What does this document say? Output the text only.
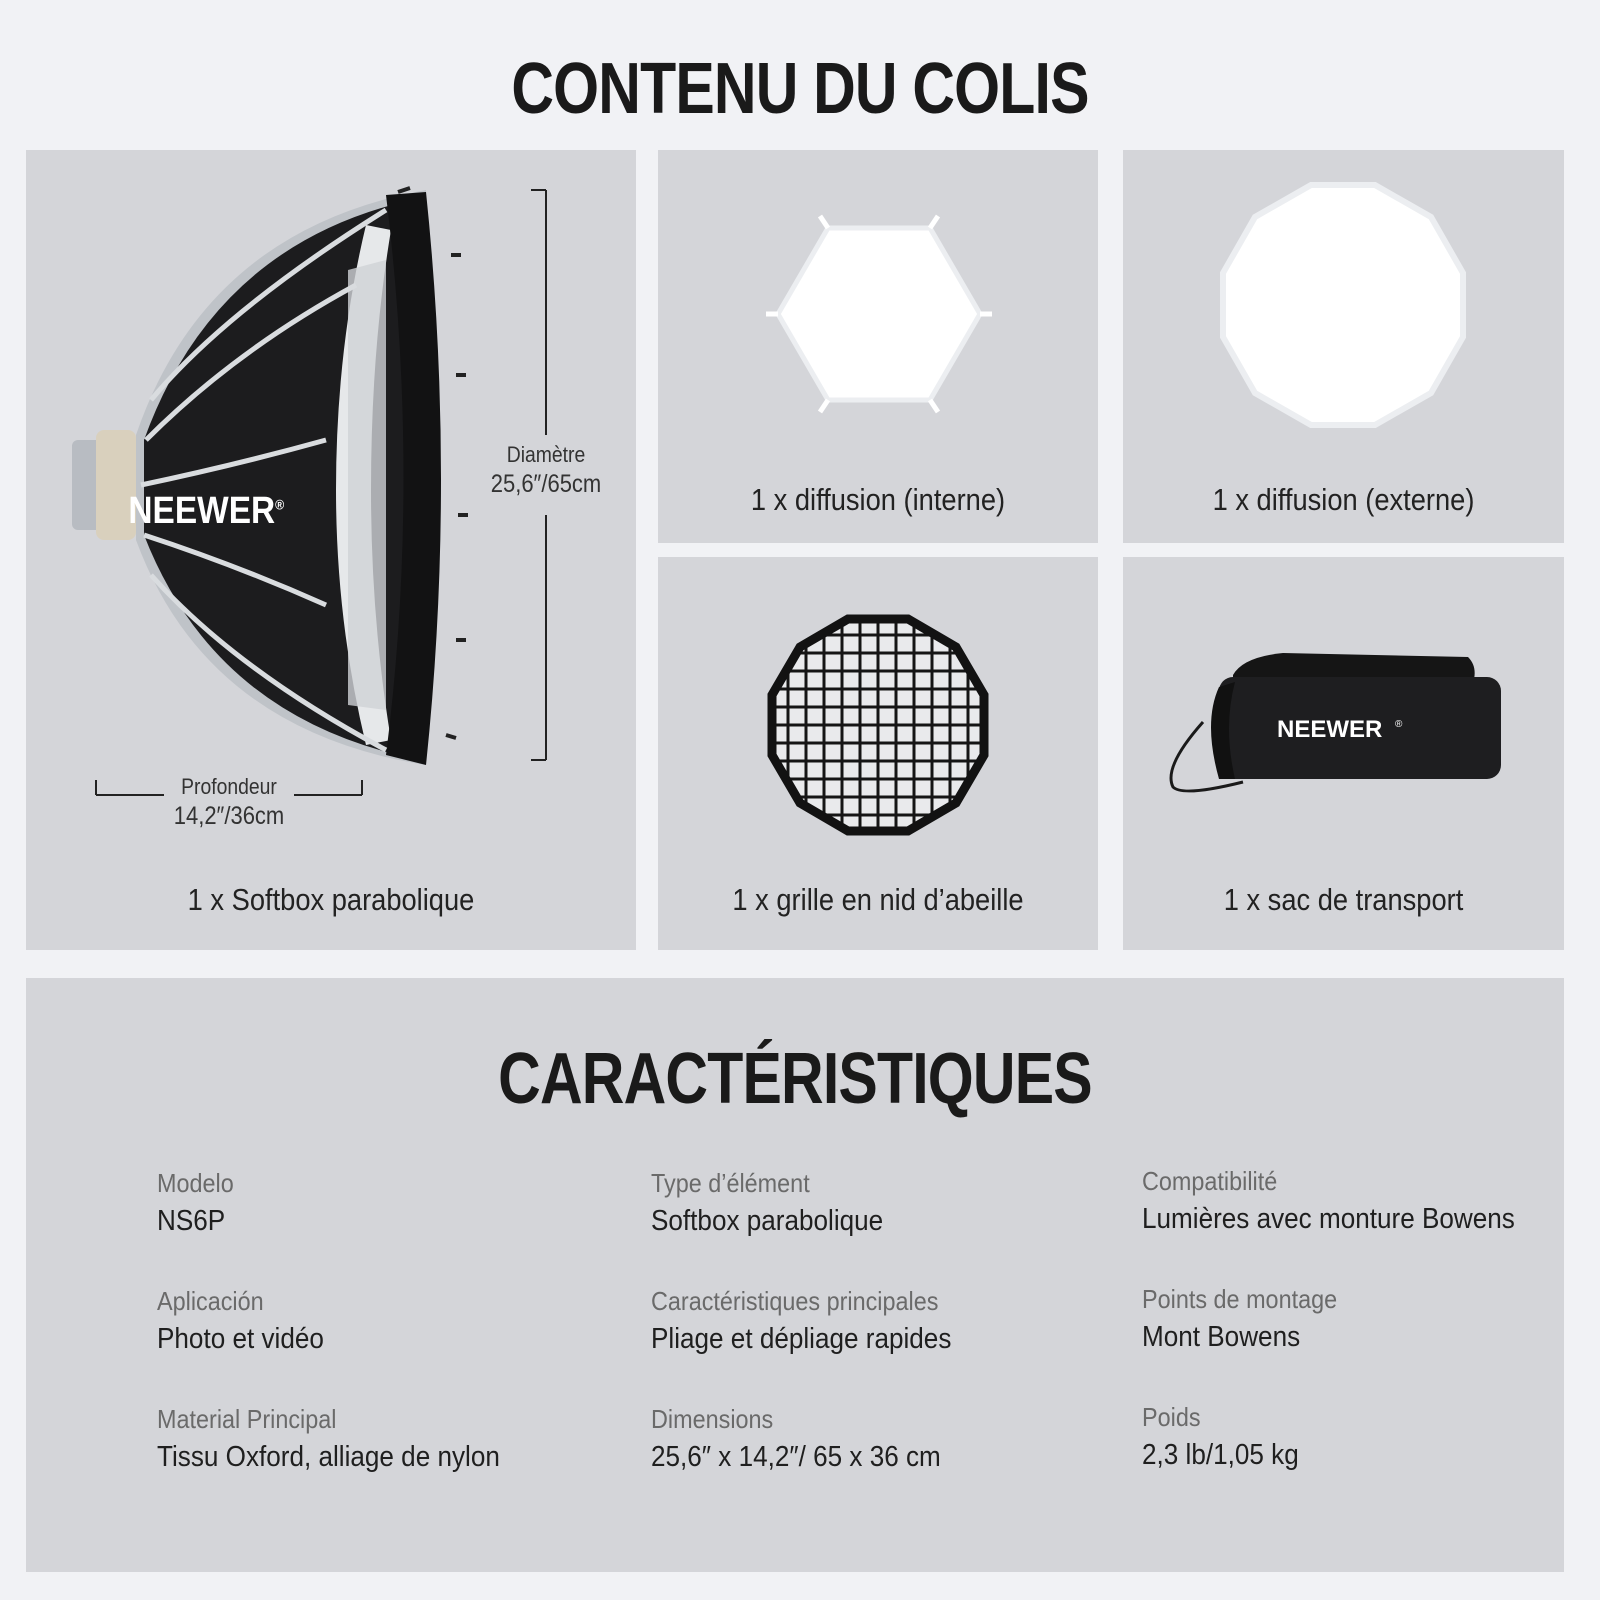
CONTENU DU COLIS
NEEWER®
Diamètre
25,6″/65cm
Profondeur
14,2″/36cm
1 x Softbox parabolique
1 x diffusion (interne)	1 x diffusion (externe)
1 x grille en nid d’abeille
NEEWER ®
1 x sac de transport
CARACTÉRISTIQUES
Modelo
NS6P
Aplicación
Photo et vidéo
Material Principal
Tissu Oxford, alliage de nylon
Type d’élément
Softbox parabolique
Caractéristiques principales
Pliage et dépliage rapides
Dimensions
25,6″ x 14,2″/ 65 x 36 cm
Compatibilité
Lumières avec monture Bowens
Points de montage
Mont Bowens
Poids
2,3 lb/1,05 kg
